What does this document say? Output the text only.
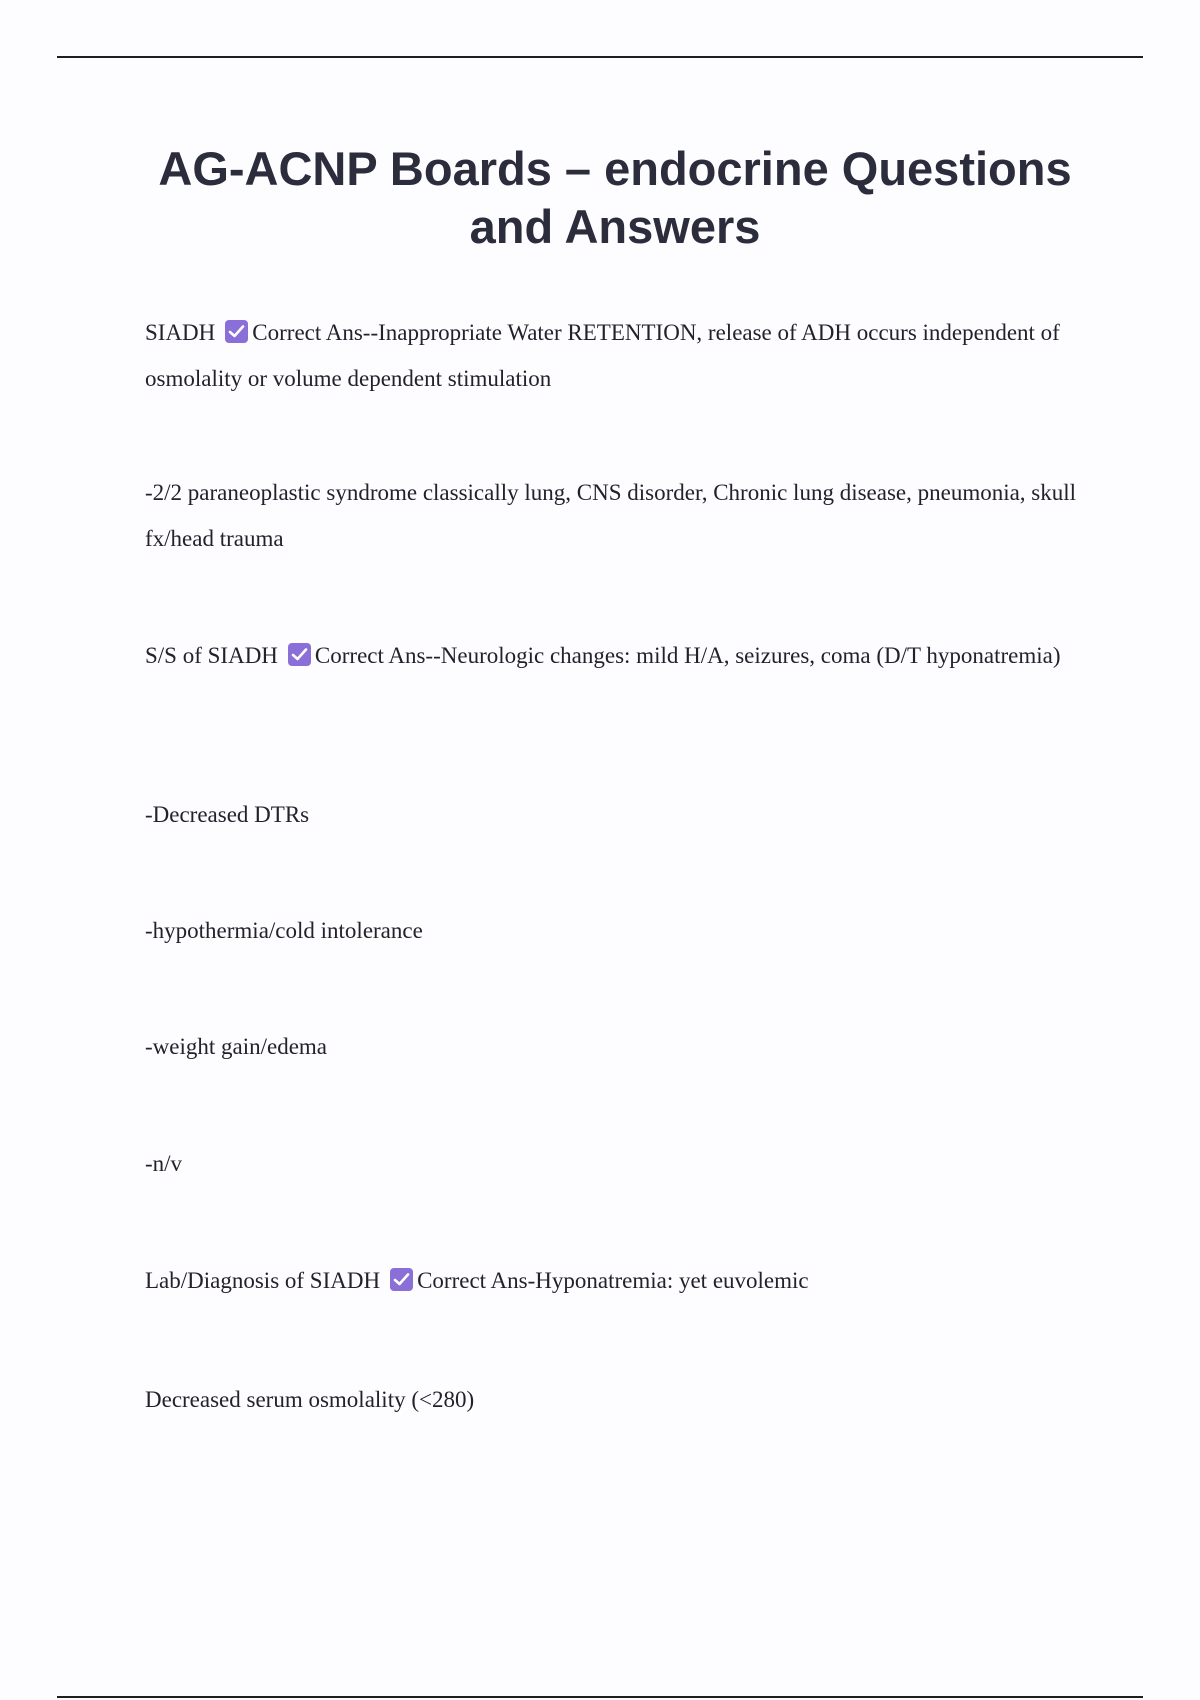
AG-ACNP Boards – endocrine Questions and Answers

SIADH Correct Ans--Inappropriate Water RETENTION, release of ADH occurs independent of osmolality or volume dependent stimulation

-2/2 paraneoplastic syndrome classically lung, CNS disorder, Chronic lung disease, pneumonia, skull fx/head trauma

S/S of SIADH Correct Ans--Neurologic changes: mild H/A, seizures, coma (D/T hyponatremia)

-Decreased DTRs

-hypothermia/cold intolerance

-weight gain/edema

-n/v

Lab/Diagnosis of SIADH Correct Ans-Hyponatremia: yet euvolemic

Decreased serum osmolality (<280)
